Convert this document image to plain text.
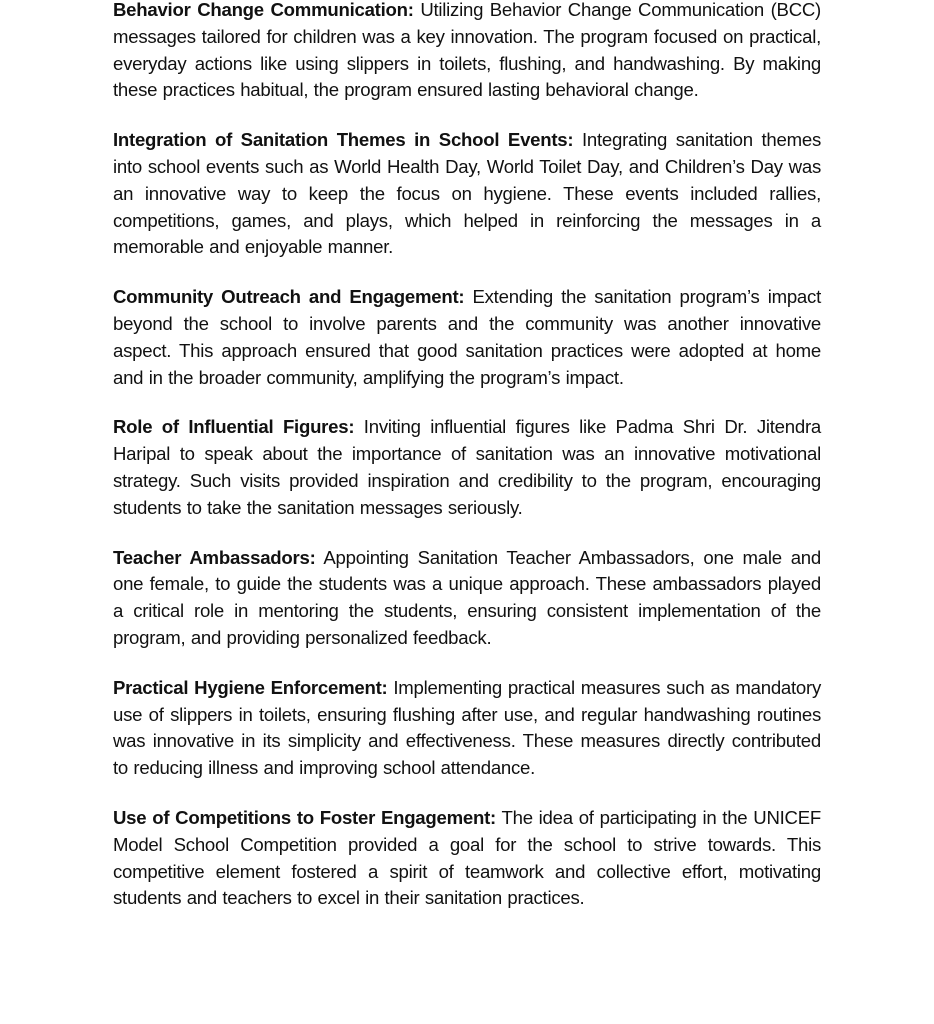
Behavior Change Communication: Utilizing Behavior Change Communication (BCC) messages tailored for children was a key innovation. The program focused on practical, everyday actions like using slippers in toilets, flushing, and handwashing. By making these practices habitual, the program ensured lasting behavioral change.

Integration of Sanitation Themes in School Events: Integrating sanitation themes into school events such as World Health Day, World Toilet Day, and Children’s Day was an innovative way to keep the focus on hygiene. These events included rallies, competitions, games, and plays, which helped in reinforcing the messages in a memorable and enjoyable manner.

Community Outreach and Engagement: Extending the sanitation program’s impact beyond the school to involve parents and the community was another innovative aspect. This approach ensured that good sanitation practices were adopted at home and in the broader community, amplifying the program’s impact.

Role of Influential Figures: Inviting influential figures like Padma Shri Dr. Jitendra Haripal to speak about the importance of sanitation was an innovative motivational strategy. Such visits provided inspiration and credibility to the program, encouraging students to take the sanitation messages seriously.

Teacher Ambassadors: Appointing Sanitation Teacher Ambassadors, one male and one female, to guide the students was a unique approach. These ambassadors played a critical role in mentoring the students, ensuring consistent implementation of the program, and providing personalized feedback.

Practical Hygiene Enforcement: Implementing practical measures such as mandatory use of slippers in toilets, ensuring flushing after use, and regular handwashing routines was innovative in its simplicity and effectiveness. These measures directly contributed to reducing illness and improving school attendance.

Use of Competitions to Foster Engagement: The idea of participating in the UNICEF Model School Competition provided a goal for the school to strive towards. This competitive element fostered a spirit of teamwork and collective effort, motivating students and teachers to excel in their sanitation practices.
